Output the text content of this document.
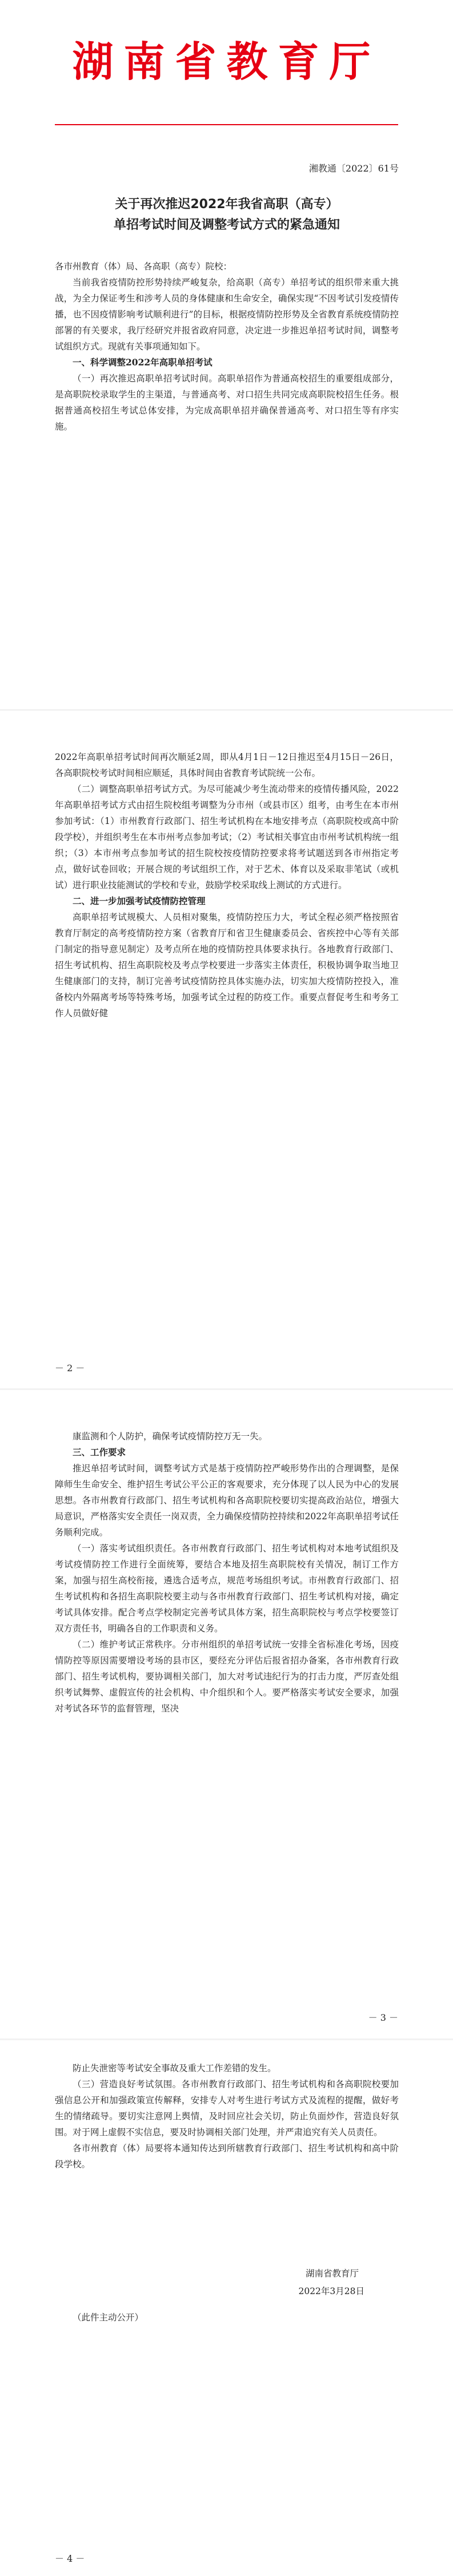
湖南省教育厅
湘教通〔2022〕61号
关于再次推迟2022年我省高职（高专）
单招考试时间及调整考试方式的紧急通知

各市州教育（体）局、各高职（高专）院校：

当前我省疫情防控形势持续严峻复杂，给高职（高专）单招考试的组织带来重大挑战，为全力保证考生和涉考人员的身体健康和生命安全，确保实现“不因考试引发疫情传播，也不因疫情影响考试顺利进行”的目标，根据疫情防控形势及全省教育系统疫情防控部署的有关要求，我厅经研究并报省政府同意，决定进一步推迟单招考试时间，调整考试组织方式。现就有关事项通知如下。

一、科学调整2022年高职单招考试

（一）再次推迟高职单招考试时间。高职单招作为普通高校招生的重要组成部分，是高职院校录取学生的主渠道，与普通高考、对口招生共同完成高职院校招生任务。根据普通高校招生考试总体安排，为完成高职单招并确保普通高考、对口招生等有序实施。

2022年高职单招考试时间再次顺延2周，即从4月1日－12日推迟至4月15日－26日，各高职院校考试时间相应顺延，具体时间由省教育考试院统一公布。

（二）调整高职单招考试方式。为尽可能减少考生流动带来的疫情传播风险，2022年高职单招考试方式由招生院校组考调整为分市州（或县市区）组考，由考生在本市州参加考试：（1）市州教育行政部门、招生考试机构在本地安排考点（高职院校或高中阶段学校），并组织考生在本市州考点参加考试；（2）考试相关事宜由市州考试机构统一组织；（3）本市州考点参加考试的招生院校按疫情防控要求将考试题送到各市州指定考点，做好试卷回收；开展合规的考试组织工作，对于艺术、体育以及采取非笔试（或机试）进行职业技能测试的学校和专业，鼓励学校采取线上测试的方式进行。

二、进一步加强考试疫情防控管理

高职单招考试规模大、人员相对聚集，疫情防控压力大，考试全程必须严格按照省教育厅制定的高考疫情防控方案（省教育厅和省卫生健康委员会、省疾控中心等有关部门制定的指导意见制定）及考点所在地的疫情防控具体要求执行。各地教育行政部门、招生考试机构、招生高职院校及考点学校要进一步落实主体责任，积极协调争取当地卫生健康部门的支持，制订完善考试疫情防控具体实施办法，切实加大疫情防控投入，准备校内外隔离考场等特殊考场，加强考试全过程的防疫工作。重要点督促考生和考务工作人员做好健

－ 2 －

康监测和个人防护，确保考试疫情防控万无一失。

三、工作要求

推迟单招考试时间，调整考试方式是基于疫情防控严峻形势作出的合理调整，是保障师生生命安全、维护招生考试公平公正的客观要求，充分体现了以人民为中心的发展思想。各市州教育行政部门、招生考试机构和各高职院校要切实提高政治站位，增强大局意识，严格落实安全责任一岗双责，全力确保疫情防控持续和2022年高职单招考试任务顺利完成。

（一）落实考试组织责任。各市州教育行政部门、招生考试机构对本地考试组织及考试疫情防控工作进行全面统筹，要结合本地及招生高职院校有关情况，制订工作方案，加强与招生高校衔接，遴选合适考点，规范考场组织考试。市州教育行政部门、招生考试机构和各招生高职院校要主动与各市州教育行政部门、招生考试机构对接，确定考试具体安排。配合考点学校制定完善考试具体方案，招生高职院校与考点学校要签订双方责任书，明确各自的工作职责和义务。

（二）维护考试正常秩序。分市州组织的单招考试统一安排全省标准化考场，因疫情防控等原因需要增设考场的县市区，要经充分评估后报省招办备案，各市州教育行政部门、招生考试机构，要协调相关部门，加大对考试违纪行为的打击力度，严厉查处组织考试舞弊、虚假宣传的社会机构、中介组织和个人。要严格落实考试安全要求，加强对考试各环节的监督管理，坚决

－ 3 －

防止失泄密等考试安全事故及重大工作差错的发生。

（三）营造良好考试氛围。各市州教育行政部门、招生考试机构和各高职院校要加强信息公开和加强政策宣传解释，安排专人对考生进行考试方式及流程的提醒，做好考生的情绪疏导。要切实注意网上舆情，及时回应社会关切，防止负面炒作，营造良好氛围。对于网上虚假不实信息，要及时协调相关部门处理，并严肃追究有关人员责任。

各市州教育（体）局要将本通知传达到所辖教育行政部门、招生考试机构和高中阶段学校。

湖南省教育厅
2022年3月28日

（此件主动公开）

－ 4 －
